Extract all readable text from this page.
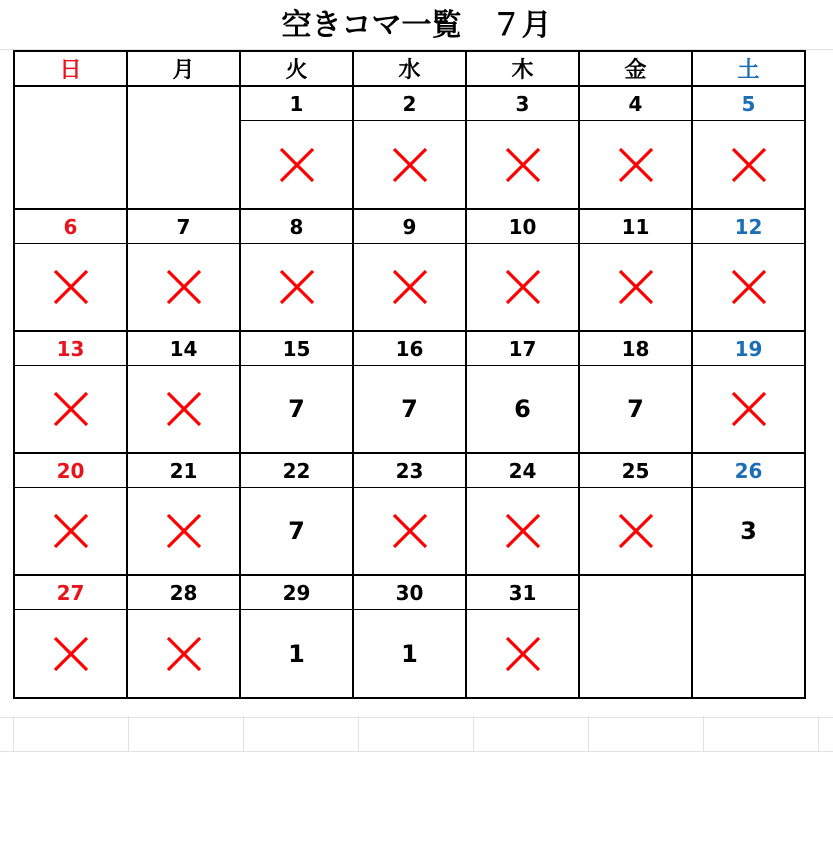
空きコマ一覧　７月
日	月	火	水	木	金	土
		1	2	3	4	5

6	7	8	9	10	11	12

13	14	15	16	17	18	19
		7	7	6	7	
20	21	22	23	24	25	26
		7				3
27	28	29	30	31		
		1	1	
